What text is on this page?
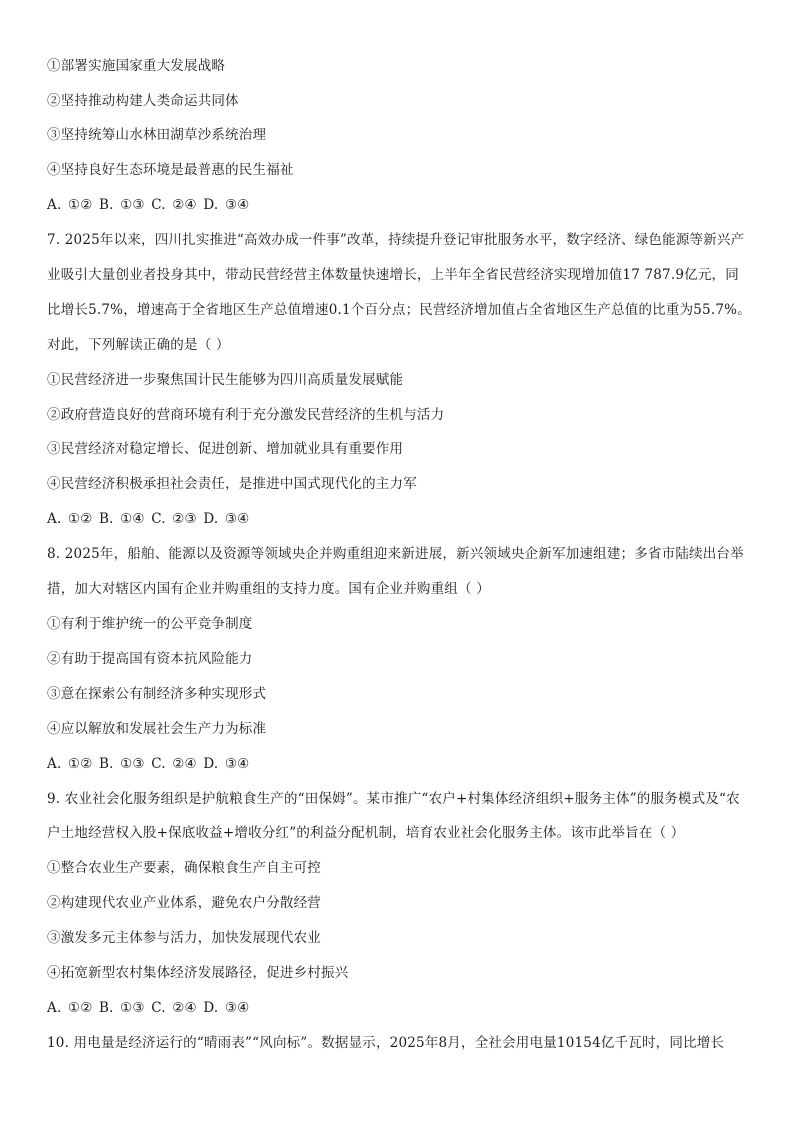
①部署实施国家重大发展战略
②坚持推动构建人类命运共同体
③坚持统筹山水林田湖草沙系统治理
④坚持良好生态环境是最普惠的民生福祉
A. ①② B. ①③ C. ②④ D. ③④
7. 2025年以来，四川扎实推进“高效办成一件事”改革，持续提升登记审批服务水平，数字经济、绿色能源等新兴产
业吸引大量创业者投身其中，带动民营经营主体数量快速增长，上半年全省民营经济实现增加值17 787.9亿元，同
比增长5.7%，增速高于全省地区生产总值增速0.1个百分点；民营经济增加值占全省地区生产总值的比重为55.7%。
对此，下列解读正确的是（ ）
①民营经济进一步聚焦国计民生能够为四川高质量发展赋能
②政府营造良好的营商环境有利于充分激发民营经济的生机与活力
③民营经济对稳定增长、促进创新、增加就业具有重要作用
④民营经济积极承担社会责任，是推进中国式现代化的主力军
A. ①② B. ①④ C. ②③ D. ③④
8. 2025年，船舶、能源以及资源等领域央企并购重组迎来新进展，新兴领域央企新军加速组建；多省市陆续出台举
措，加大对辖区内国有企业并购重组的支持力度。国有企业并购重组（ ）
①有利于维护统一的公平竞争制度
②有助于提高国有资本抗风险能力
③意在探索公有制经济多种实现形式
④应以解放和发展社会生产力为标准
A. ①② B. ①③ C. ②④ D. ③④
9. 农业社会化服务组织是护航粮食生产的“田保姆”。某市推广“农户+村集体经济组织+服务主体”的服务模式及“农
户土地经营权入股+保底收益+增收分红”的利益分配机制，培育农业社会化服务主体。该市此举旨在（ ）
①整合农业生产要素，确保粮食生产自主可控
②构建现代农业产业体系，避免农户分散经营
③激发多元主体参与活力，加快发展现代农业
④拓宽新型农村集体经济发展路径，促进乡村振兴
A. ①② B. ①③ C. ②④ D. ③④
10. 用电量是经济运行的“晴雨表”“风向标”。数据显示，2025年8月，全社会用电量10154亿千瓦时，同比增长
